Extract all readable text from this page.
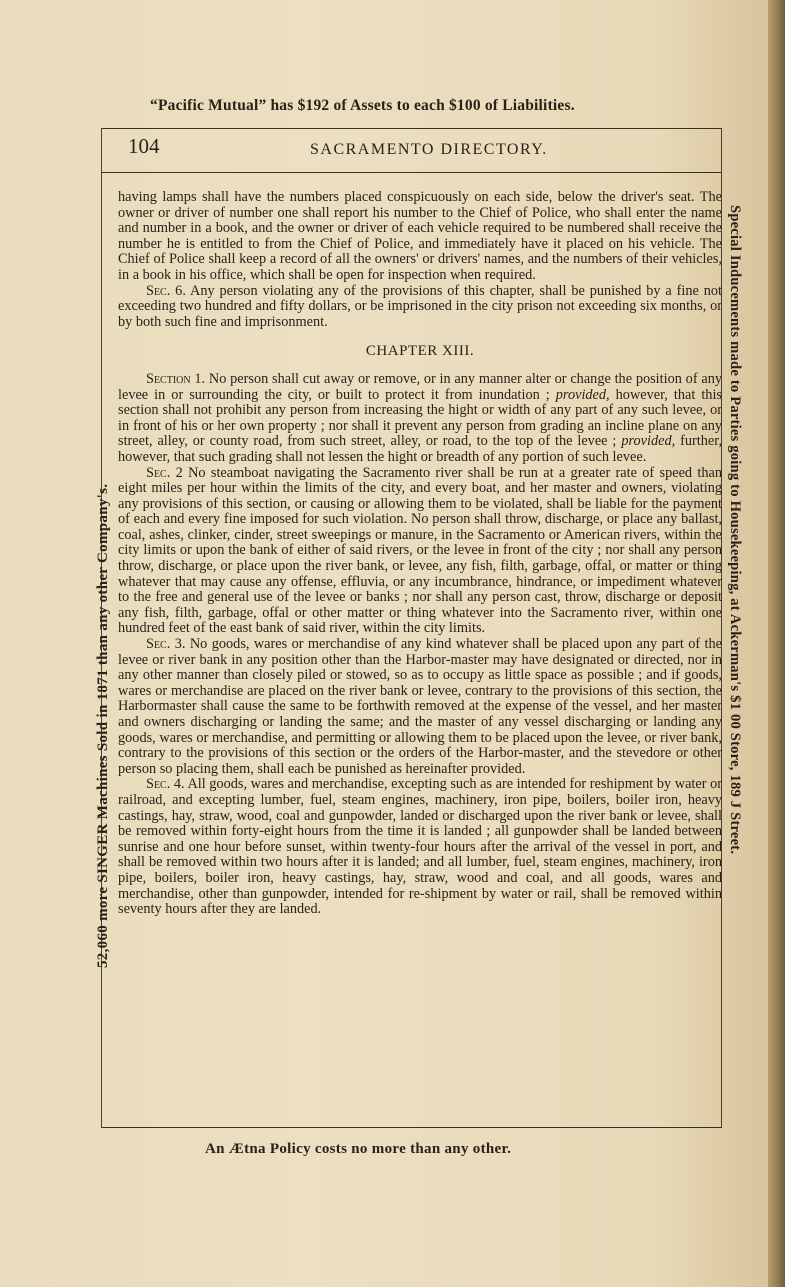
“Pacific Mutual” has $192 of Assets to each $100 of Liabilities.
104	SACRAMENTO DIRECTORY.

having lamps shall have the numbers placed conspicuously on each side, below the driver's seat. The owner or driver of number one shall report his number to the Chief of Police, who shall enter the name and number in a book, and the owner or driver of each vehicle required to be numbered shall receive the number he is entitled to from the Chief of Police, and immediately have it placed on his vehicle. The Chief of Police shall keep a record of all the owners' or drivers' names, and the numbers of their vehicles, in a book in his office, which shall be open for inspection when required.

Sec. 6. Any person violating any of the provisions of this chapter, shall be punished by a fine not exceeding two hundred and fifty dollars, or be imprisoned in the city prison not exceeding six months, or by both such fine and imprisonment.

CHAPTER XIII.

Section 1. No person shall cut away or remove, or in any manner alter or change the position of any levee in or surrounding the city, or built to protect it from inundation ; provided, however, that this section shall not prohibit any person from increasing the hight or width of any part of any such levee, or in front of his or her own property ; nor shall it prevent any person from grading an incline plane on any street, alley, or county road, from such street, alley, or road, to the top of the levee ; provided, further, however, that such grading shall not lessen the hight or breadth of any portion of such levee.

Sec. 2 No steamboat navigating the Sacramento river shall be run at a greater rate of speed than eight miles per hour within the limits of the city, and every boat, and her master and owners, violating any provisions of this section, or causing or allowing them to be violated, shall be liable for the payment of each and every fine imposed for such violation. No person shall throw, discharge, or place any ballast, coal, ashes, clinker, cinder, street sweepings or manure, in the Sacramento or American rivers, within the city limits or upon the bank of either of said rivers, or the levee in front of the city ; nor shall any person throw, discharge, or place upon the river bank, or levee, any fish, filth, garbage, offal, or matter or thing whatever that may cause any offense, effluvia, or any incumbrance, hindrance, or impediment whatever to the free and general use of the levee or banks ; nor shall any person cast, throw, discharge or deposit any fish, filth, garbage, offal or other matter or thing whatever into the Sacramento river, within one hundred feet of the east bank of said river, within the city limits.

Sec. 3. No goods, wares or merchandise of any kind whatever shall be placed upon any part of the levee or river bank in any position other than the Harbor-master may have designated or directed, nor in any other manner than closely piled or stowed, so as to occupy as little space as possible ; and if goods, wares or merchandise are placed on the river bank or levee, contrary to the provisions of this section, the Harbormaster shall cause the same to be forthwith removed at the expense of the vessel, and her master and owners discharging or landing the same; and the master of any vessel discharging or landing any goods, wares or merchandise, and permitting or allowing them to be placed upon the levee, or river bank, contrary to the provisions of this section or the orders of the Harbor-master, and the stevedore or other person so placing them, shall each be punished as hereinafter provided.

Sec. 4. All goods, wares and merchandise, excepting such as are intended for reshipment by water or railroad, and excepting lumber, fuel, steam engines, machinery, iron pipe, boilers, boiler iron, heavy castings, hay, straw, wood, coal and gunpowder, landed or discharged upon the river bank or levee, shall be removed within forty-eight hours from the time it is landed ; all gunpowder shall be landed between sunrise and one hour before sunset, within twenty-four hours after the arrival of the vessel in port, and shall be removed within two hours after it is landed; and all lumber, fuel, steam engines, machinery, iron pipe, boilers, boiler iron, heavy castings, hay, straw, wood and coal, and all goods, wares and merchandise, other than gunpowder, intended for re-shipment by water or rail, shall be removed within seventy hours after they are landed.

An Ætna Policy costs no more than any other.
52,060 more SINGER Machines Sold in 1871 than any other Company's.	Special Inducements made to Parties going to Housekeeping, at Ackerman's $1 00 Store, 189 J Street.
